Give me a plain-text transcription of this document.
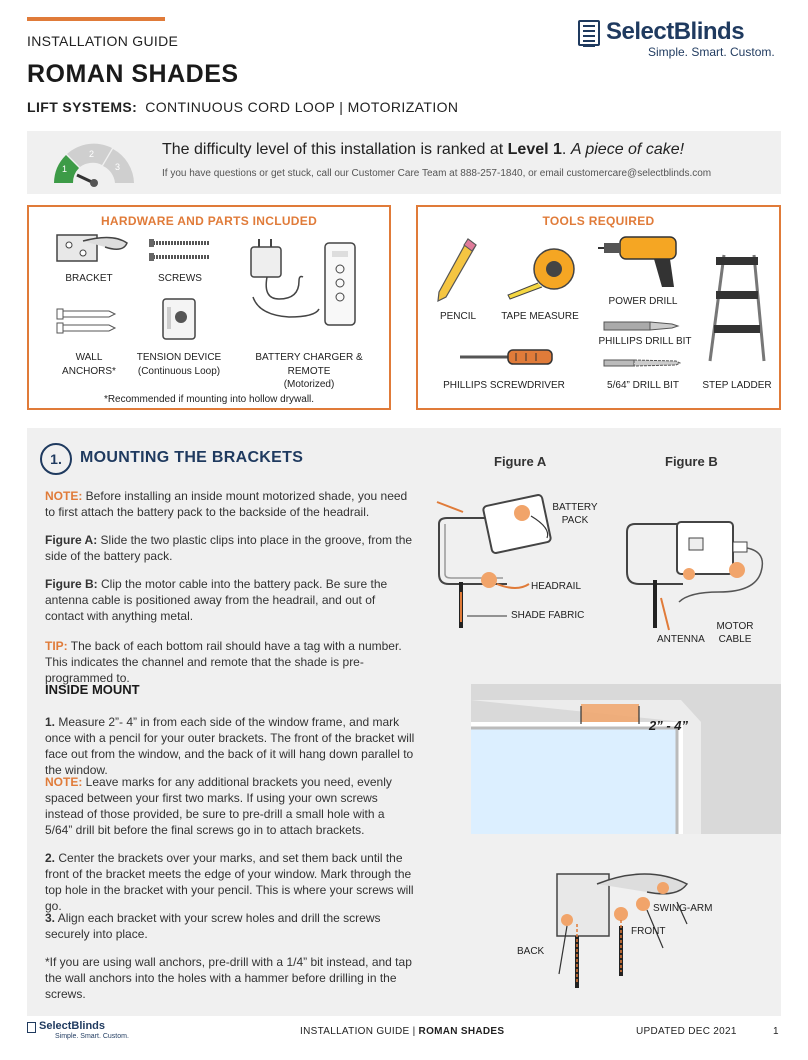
INSTALLATION GUIDE
ROMAN SHADES
LIFT SYSTEMS: CONTINUOUS CORD LOOP | MOTORIZATION
SelectBlinds
Simple. Smart. Custom.
1
2
3
The difficulty level of this installation is ranked at Level 1. A piece of cake!
If you have questions or get stuck, call our Customer Care Team at 888-257-1840, or email customercare@selectblinds.com
HARDWARE AND PARTS INCLUDED
BRACKET	SCREWS
WALL
ANCHORS*
TENSION DEVICE
(Continuous Loop)
BATTERY CHARGER & REMOTE
(Motorized)
*Recommended if mounting into hollow drywall.
TOOLS REQUIRED
PENCIL	TAPE MEASURE
POWER DRILL
PHILLIPS DRILL BIT
PHILLIPS SCREWDRIVER	5/64” DRILL BIT	STEP LADDER
1.	MOUNTING THE BRACKETS
NOTE: Before installing an inside mount motorized shade, you need to first attach the battery pack to the backside of the headrail.
Figure A: Slide the two plastic clips into place in the groove, from the side of the battery pack.
Figure B: Clip the motor cable into the battery pack. Be sure the antenna cable is positioned away from the headrail, and out of contact with anything metal.
TIP: The back of each bottom rail should have a tag with a number. This indicates the channel and remote that the shade is pre-programmed to.
INSIDE MOUNT
1. Measure 2”- 4” in from each side of the window frame, and mark once with a pencil for your outer brackets. The front of the bracket will face out from the window, and the back of it will hang down parallel to the window.
NOTE: Leave marks for any additional brackets you need, evenly spaced between your first two marks. If using your own screws instead of those provided, be sure to pre-drill a small hole with a 5/64” drill bit before the final screws go in to attach brackets.
2. Center the brackets over your marks, and set them back until the front of the bracket meets the edge of your window. Mark through the top hole in the bracket with your pencil. This is where your screws will go.
3. Align each bracket with your screw holes and drill the screws securely into place.
*If you are using wall anchors, pre-drill with a 1/4” bit instead, and tap the wall anchors into the holes with a hammer before drilling in the screws.
Figure A	Figure B
BATTERY
PACK
HEADRAIL
SHADE FABRIC
ANTENNA
MOTOR
CABLE
2” - 4”
SWING-ARM
FRONT
BACK
SelectBlinds
Simple. Smart. Custom.	INSTALLATION GUIDE | ROMAN SHADES	UPDATED DEC 2021	1
